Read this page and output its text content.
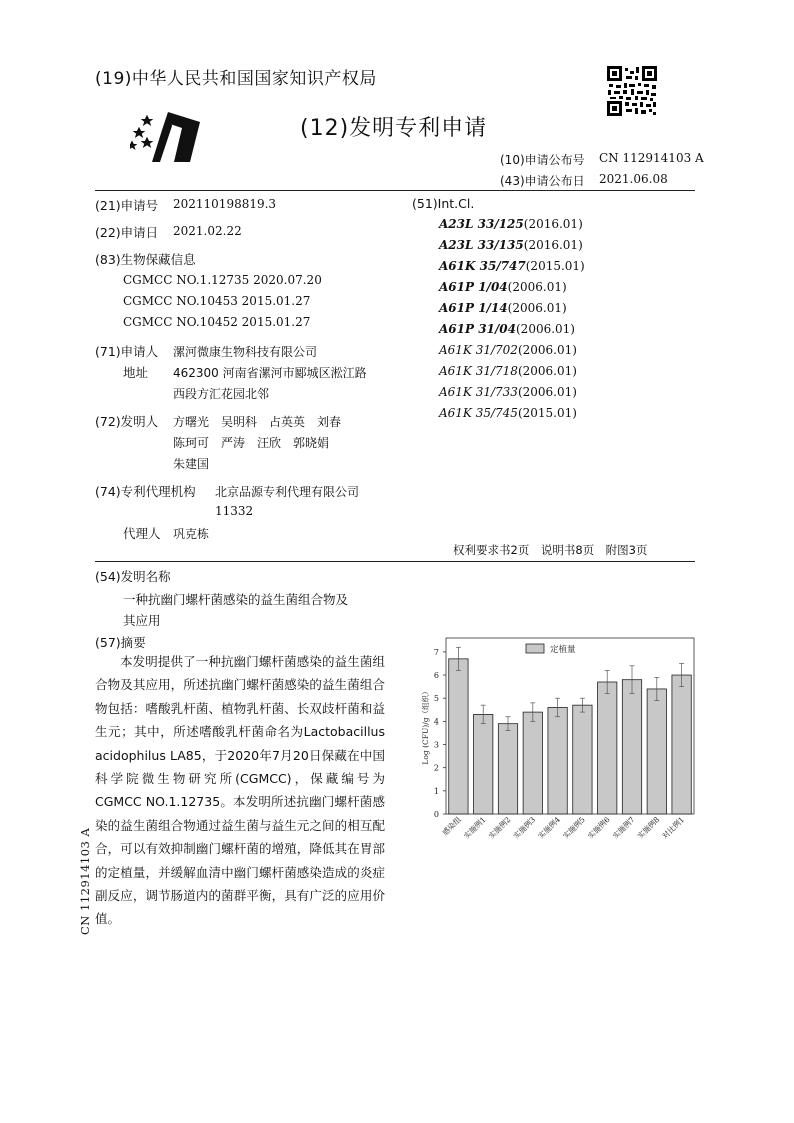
(19)中华人民共和国国家知识产权局
(12)发明专利申请
(10)申请公布号 CN 112914103 A
(43)申请公布日 2021.06.08
(21)申请号 202110198819.3
(22)申请日 2021.02.22
(83)生物保藏信息
CGMCC NO.1.12735 2020.07.20
CGMCC NO.10453 2015.01.27
CGMCC NO.10452 2015.01.27
(71)申请人 漯河微康生物科技有限公司
地址 462300 河南省漯河市郾城区淞江路
西段方汇花园北邻
(72)发明人 方曙光　吴明科　占英英　刘春
陈珂可　严涛　汪欣　郭晓娟
朱建国
(74)专利代理机构 北京品源专利代理有限公司
11332
代理人 巩克栋
(51)Int.Cl.
A23L 33/125(2016.01)
A23L 33/135(2016.01)
A61K 35/747(2015.01)
A61P 1/04(2006.01)
A61P 1/14(2006.01)
A61P 31/04(2006.01)
A61K 31/702(2006.01)
A61K 31/718(2006.01)
A61K 31/733(2006.01)
A61K 35/745(2015.01)
权利要求书2页　说明书8页　附图3页
(54)发明名称
一种抗幽门螺杆菌感染的益生菌组合物及
其应用
(57)摘要

本发明提供了一种抗幽门螺杆菌感染的益生菌组合物及其应用，所述抗幽门螺杆菌感染的益生菌组合物包括：嗜酸乳杆菌、植物乳杆菌、长双歧杆菌和益生元；其中，所述嗜酸乳杆菌命名为Lactobacillus acidophilus LA85，于2020年7月20日保藏在中国科学院微生物研究所(CGMCC)，保藏编号为CGMCC NO.1.12735。本发明所述抗幽门螺杆菌感染的益生菌组合物通过益生菌与益生元之间的相互配合，可以有效抑制幽门螺杆菌的增殖，降低其在胃部的定植量，并缓解血清中幽门螺杆菌感染造成的炎症副反应，调节肠道内的菌群平衡，具有广泛的应用价值。

0
1
2
3
4
5
6
7
Log (CFU)/g（组织）
感染组 实施例1 实施例2 实施例3 实施例4 实施例5 实施例6 实施例7 实施例8 对比例1
定植量
CN 112914103 A
